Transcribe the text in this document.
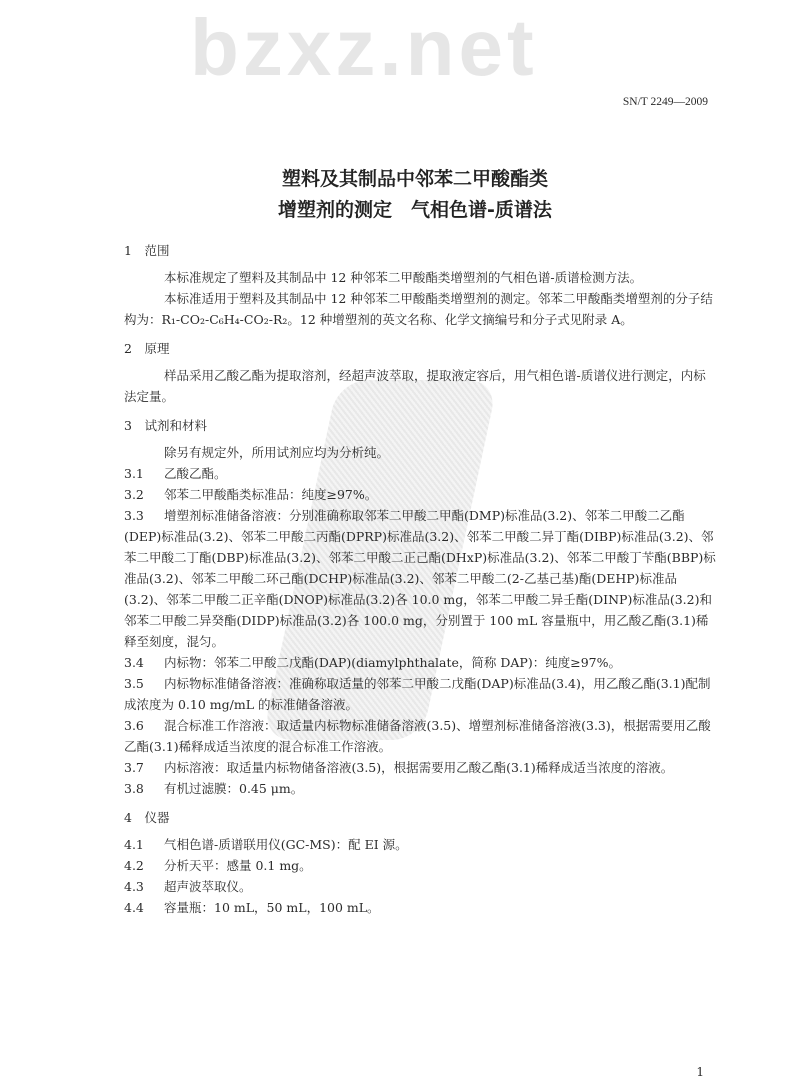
SN/T 2249—2009
bzxz.net
塑料及其制品中邻苯二甲酸酯类
增塑剂的测定　气相色谱-质谱法
1　范围
本标准规定了塑料及其制品中 12 种邻苯二甲酸酯类增塑剂的气相色谱-质谱检测方法。
本标准适用于塑料及其制品中 12 种邻苯二甲酸酯类增塑剂的测定。邻苯二甲酸酯类增塑剂的分子结构为：R₁-CO₂-C₆H₄-CO₂-R₂。12 种增塑剂的英文名称、化学文摘编号和分子式见附录 A。
2　原理
样品采用乙酸乙酯为提取溶剂，经超声波萃取，提取液定容后，用气相色谱-质谱仪进行测定，内标法定量。
3　试剂和材料
除另有规定外，所用试剂应均为分析纯。
3.1 乙酸乙酯。
3.2 邻苯二甲酸酯类标准品：纯度≥97%。
3.3 增塑剂标准储备溶液：分别准确称取邻苯二甲酸二甲酯(DMP)标准品(3.2)、邻苯二甲酸二乙酯(DEP)标准品(3.2)、邻苯二甲酸二丙酯(DPRP)标准品(3.2)、邻苯二甲酸二异丁酯(DIBP)标准品(3.2)、邻苯二甲酸二丁酯(DBP)标准品(3.2)、邻苯二甲酸二正己酯(DHxP)标准品(3.2)、邻苯二甲酸丁苄酯(BBP)标准品(3.2)、邻苯二甲酸二环己酯(DCHP)标准品(3.2)、邻苯二甲酸二(2-乙基己基)酯(DEHP)标准品(3.2)、邻苯二甲酸二正辛酯(DNOP)标准品(3.2)各 10.0 mg，邻苯二甲酸二异壬酯(DINP)标准品(3.2)和邻苯二甲酸二异癸酯(DIDP)标准品(3.2)各 100.0 mg，分别置于 100 mL 容量瓶中，用乙酸乙酯(3.1)稀释至刻度，混匀。
3.4 内标物：邻苯二甲酸二戊酯(DAP)(diamylphthalate，简称 DAP)：纯度≥97%。
3.5 内标物标准储备溶液：准确称取适量的邻苯二甲酸二戊酯(DAP)标准品(3.4)，用乙酸乙酯(3.1)配制成浓度为 0.10 mg/mL 的标准储备溶液。
3.6 混合标准工作溶液：取适量内标物标准储备溶液(3.5)、增塑剂标准储备溶液(3.3)，根据需要用乙酸乙酯(3.1)稀释成适当浓度的混合标准工作溶液。
3.7 内标溶液：取适量内标物储备溶液(3.5)，根据需要用乙酸乙酯(3.1)稀释成适当浓度的溶液。
3.8 有机过滤膜：0.45 μm。
4　仪器
4.1 气相色谱-质谱联用仪(GC-MS)：配 EI 源。
4.2 分析天平：感量 0.1 mg。
4.3 超声波萃取仪。
4.4 容量瓶：10 mL，50 mL，100 mL。
1
